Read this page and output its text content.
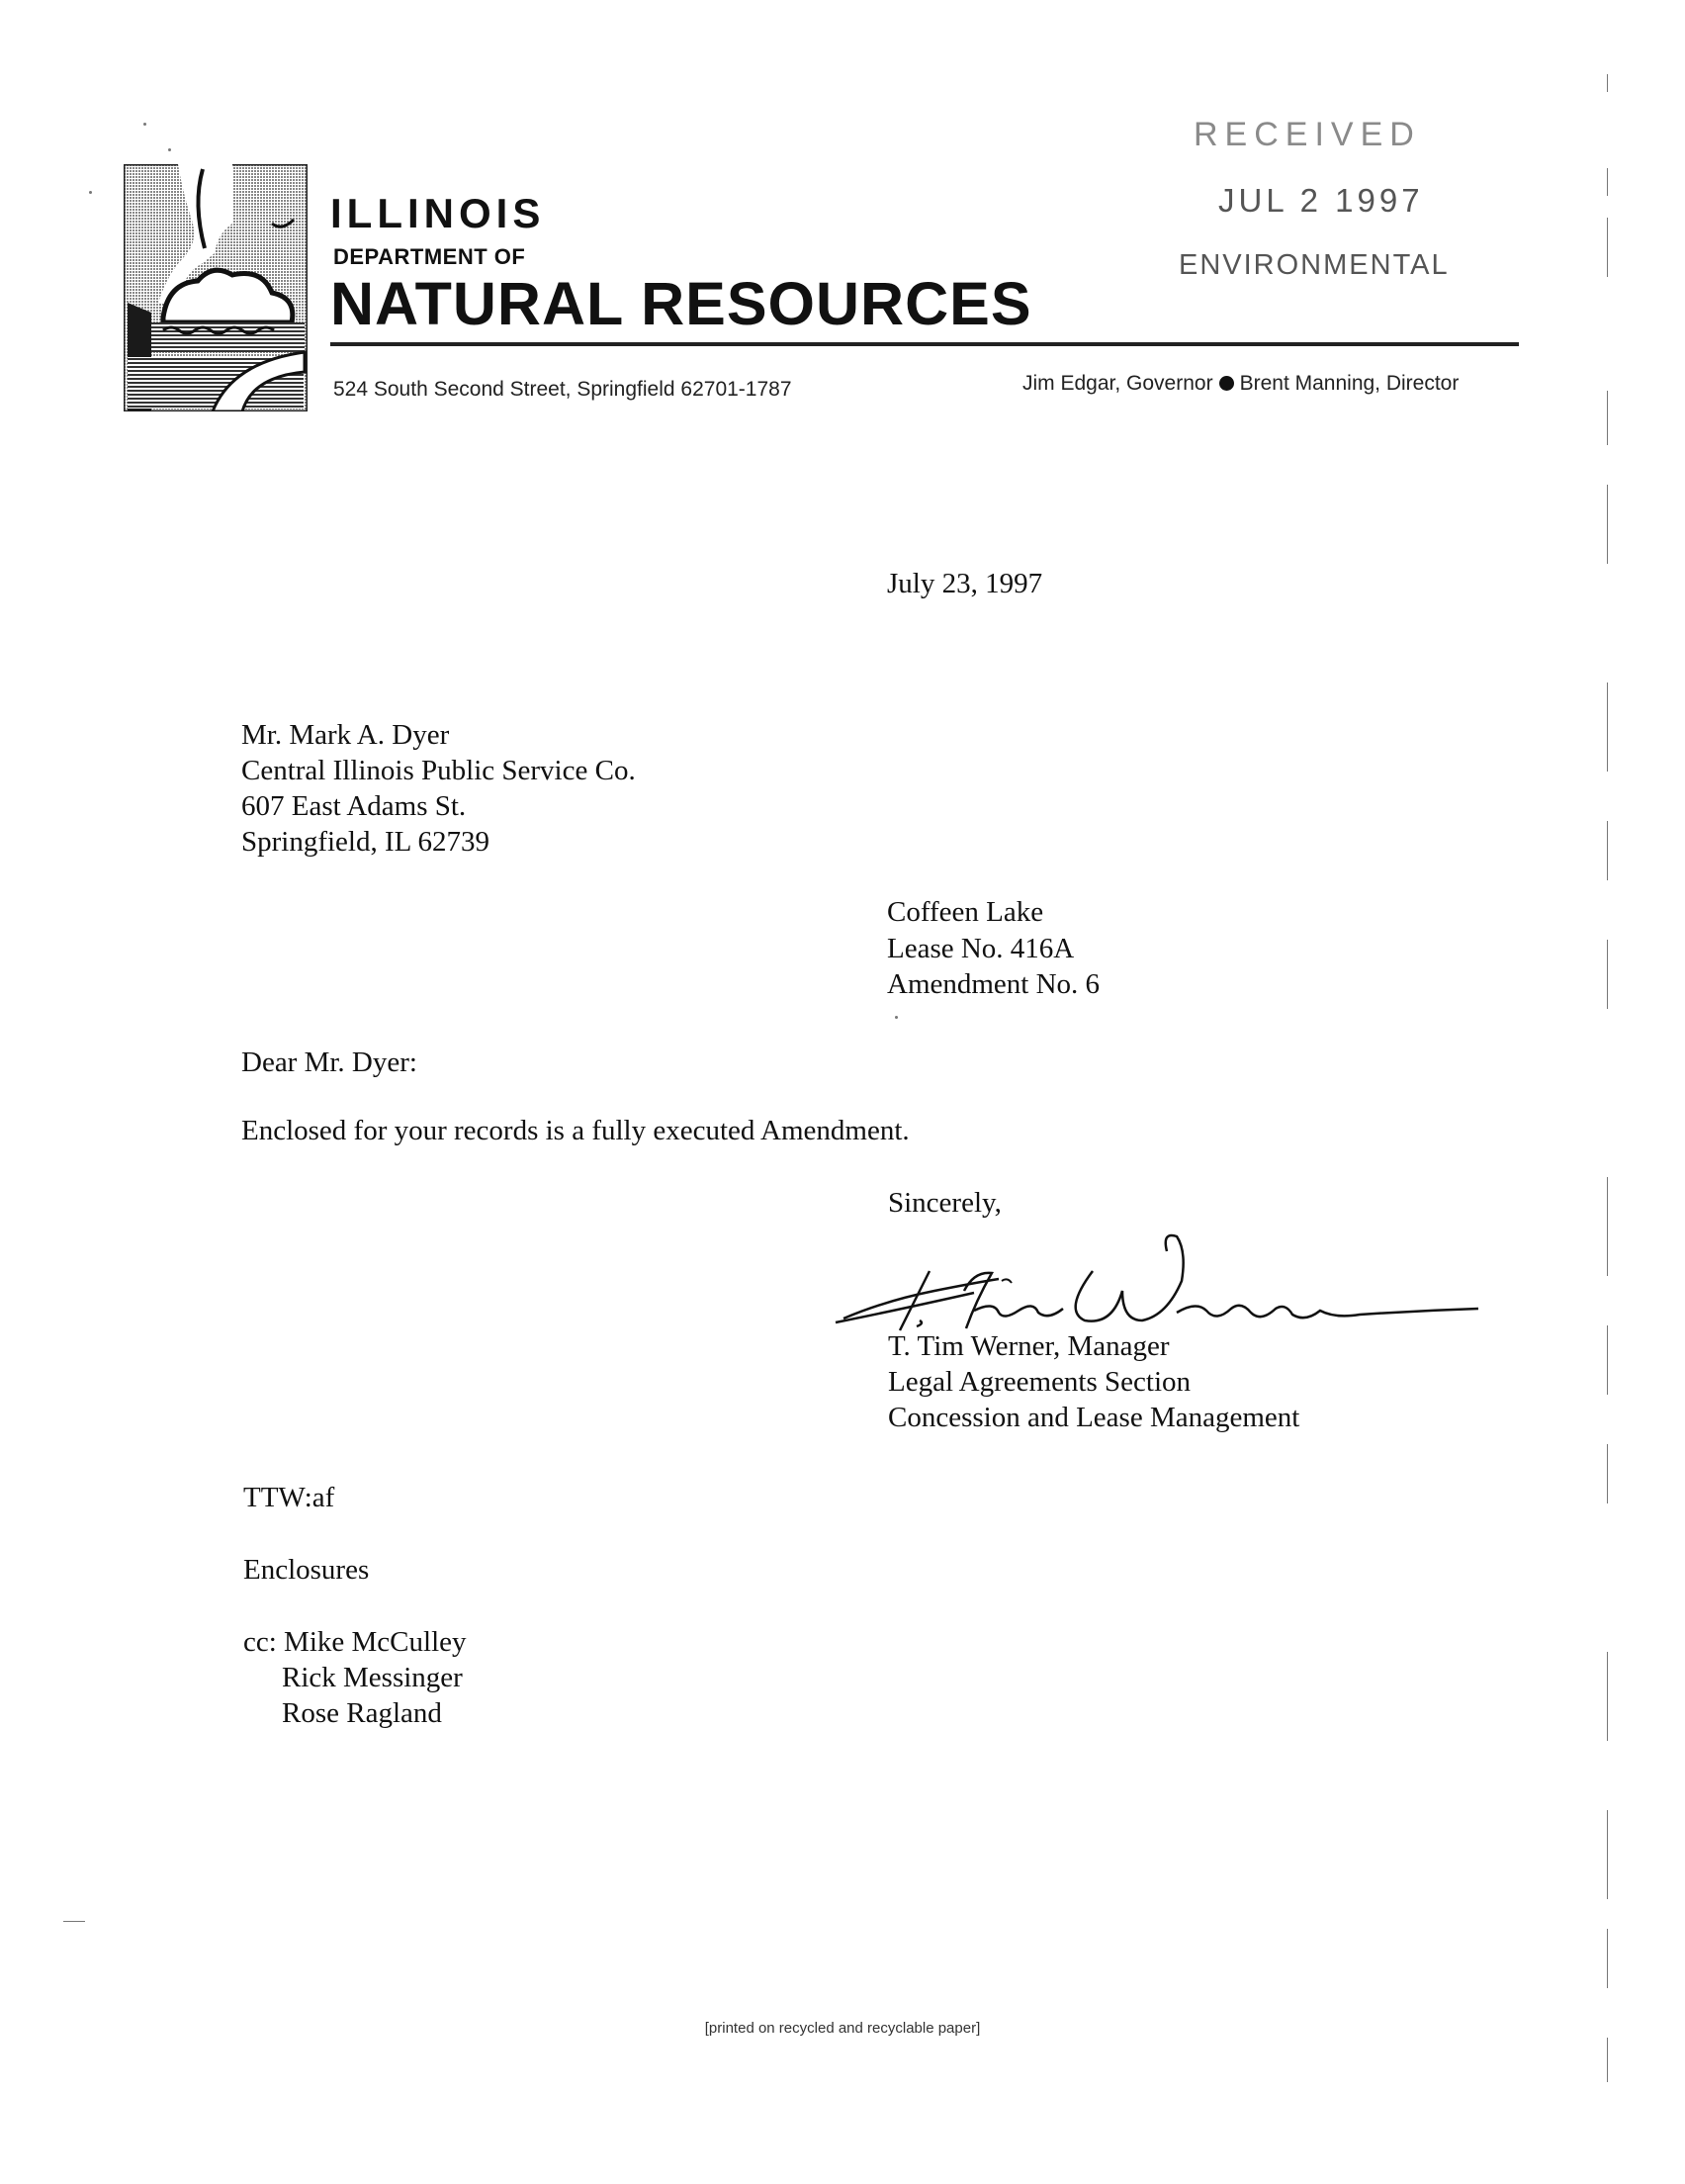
ILLINOIS
DEPARTMENT OF
NATURAL RESOURCES
524 South Second Street, Springfield 62701-1787	Jim Edgar, Governor Brent Manning, Director
RECEIVED
JUL 2 1997
ENVIRONMENTAL
July 23, 1997
Mr. Mark A. Dyer
Central Illinois Public Service Co.
607 East Adams St.
Springfield, IL 62739
Coffeen Lake
Lease No. 416A
Amendment No. 6
Dear Mr. Dyer:
Enclosed for your records is a fully executed Amendment.
Sincerely,
T. Tim Werner, Manager
Legal Agreements Section
Concession and Lease Management
TTW:af
Enclosures
cc: Mike McCulley
Rick Messinger
Rose Ragland
[printed on recycled and recyclable paper]
